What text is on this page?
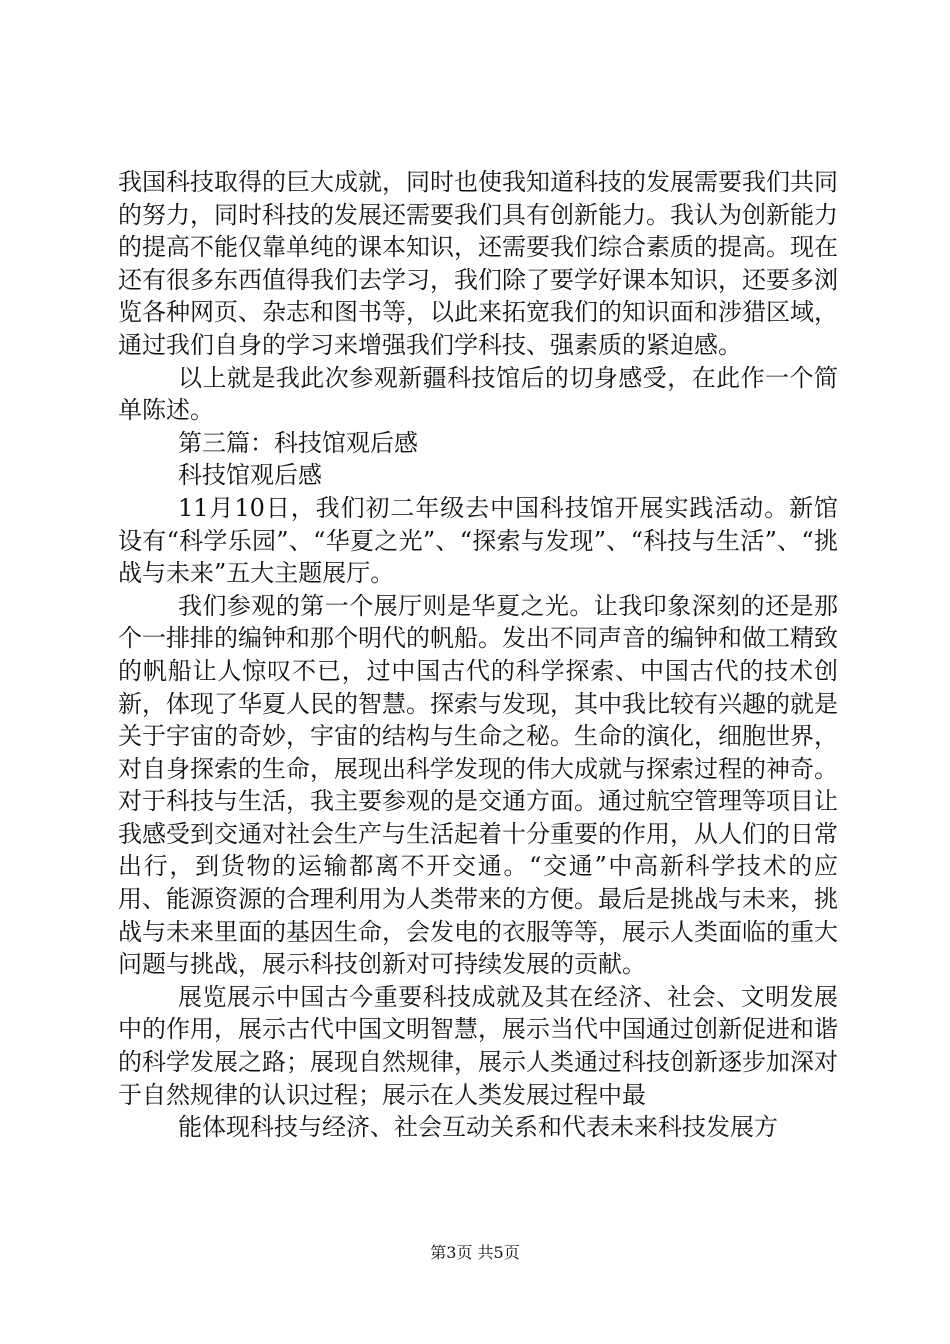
我国科技取得的巨大成就，同时也使我知道科技的发展需要我们共同的努力，同时科技的发展还需要我们具有创新能力。我认为创新能力的提高不能仅靠单纯的课本知识，还需要我们综合素质的提高。现在还有很多东西值得我们去学习，我们除了要学好课本知识，还要多浏览各种网页、杂志和图书等，以此来拓宽我们的知识面和涉猎区域，通过我们自身的学习来增强我们学科技、强素质的紧迫感。

以上就是我此次参观新疆科技馆后的切身感受，在此作一个简单陈述。

第三篇：科技馆观后感

科技馆观后感

11月10日，我们初二年级去中国科技馆开展实践活动。新馆设有“科学乐园”、“华夏之光”、“探索与发现”、“科技与生活”、“挑战与未来”五大主题展厅。

我们参观的第一个展厅则是华夏之光。让我印象深刻的还是那个一排排的编钟和那个明代的帆船。发出不同声音的编钟和做工精致的帆船让人惊叹不已，过中国古代的科学探索、中国古代的技术创新，体现了华夏人民的智慧。探索与发现，其中我比较有兴趣的就是关于宇宙的奇妙，宇宙的结构与生命之秘。生命的演化，细胞世界，对自身探索的生命，展现出科学发现的伟大成就与探索过程的神奇。对于科技与生活，我主要参观的是交通方面。通过航空管理等项目让我感受到交通对社会生产与生活起着十分重要的作用，从人们的日常出行，到货物的运输都离不开交通。“交通”中高新科学技术的应用、能源资源的合理利用为人类带来的方便。最后是挑战与未来，挑战与未来里面的基因生命，会发电的衣服等等，展示人类面临的重大问题与挑战，展示科技创新对可持续发展的贡献。

展览展示中国古今重要科技成就及其在经济、社会、文明发展中的作用，展示古代中国文明智慧，展示当代中国通过创新促进和谐的科学发展之路；展现自然规律，展示人类通过科技创新逐步加深对于自然规律的认识过程；展示在人类发展过程中最

能体现科技与经济、社会互动关系和代表未来科技发展方

第3页 共5页
